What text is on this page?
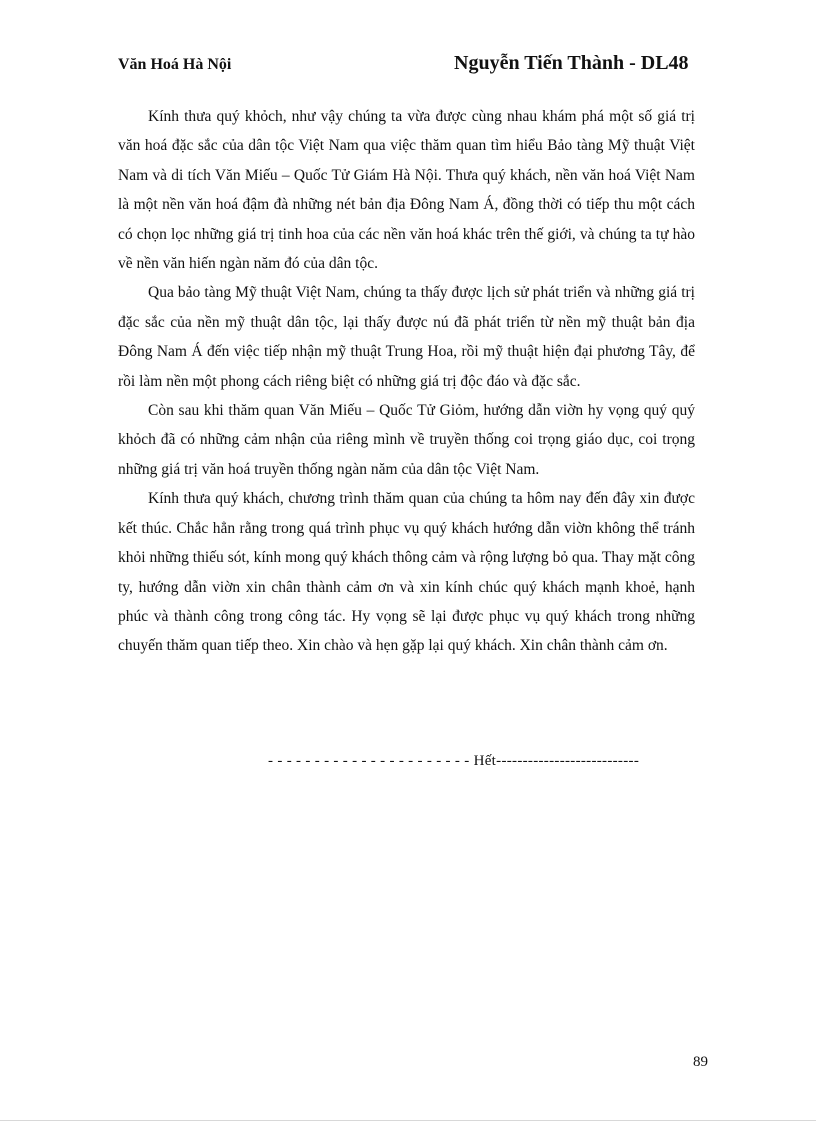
Văn Hoá Hà Nội	Nguyễn Tiến Thành - DL48

Kính thưa quý khỏch, như vậy chúng ta vừa được cùng nhau khám phá một số giá trị văn hoá đặc sắc của dân tộc Việt Nam qua việc thăm quan tìm hiểu Bảo tàng Mỹ thuật Việt Nam và di tích Văn Miếu – Quốc Tử Giám Hà Nội. Thưa quý khách, nền văn hoá Việt Nam là một nền văn hoá đậm đà những nét bản địa Đông Nam Á, đồng thời có tiếp thu một cách có chọn lọc những giá trị tinh hoa của các nền văn hoá khác trên thế giới, và chúng ta tự hào về nền văn hiến ngàn năm đó của dân tộc.

Qua bảo tàng Mỹ thuật Việt Nam, chúng ta thấy được lịch sử phát triển và những giá trị đặc sắc của nền mỹ thuật dân tộc, lại thấy được nú đã phát triển từ nền mỹ thuật bản địa Đông Nam Á đến việc tiếp nhận mỹ thuật Trung Hoa, rồi mỹ thuật hiện đại phương Tây, để rồi làm nền một phong cách riêng biệt có những giá trị độc đáo và đặc sắc.

Còn sau khi thăm quan Văn Miếu – Quốc Tử Giỏm, hướng dẫn viờn hy vọng quý quý khỏch đã có những cảm nhận của riêng mình về truyền thống coi trọng giáo dục, coi trọng những giá trị văn hoá truyền thống ngàn năm của dân tộc Việt Nam.

Kính thưa quý khách, chương trình thăm quan của chúng ta hôm nay đến đây xin được kết thúc. Chắc hẳn rằng trong quá trình phục vụ quý khách hướng dẫn viờn không thể tránh khỏi những thiếu sót, kính mong quý khách thông cảm và rộng lượng bỏ qua. Thay mặt công ty, hướng dẫn viờn xin chân thành cảm ơn và xin kính chúc quý khách mạnh khoẻ, hạnh phúc và thành công trong công tác. Hy vọng sẽ lại được phục vụ quý khách trong những chuyến thăm quan tiếp theo. Xin chào và hẹn gặp lại quý khách. Xin chân thành cảm ơn.

- - - - - - - - - - - - - - - - - - - - - - Hết---------------------------
89
